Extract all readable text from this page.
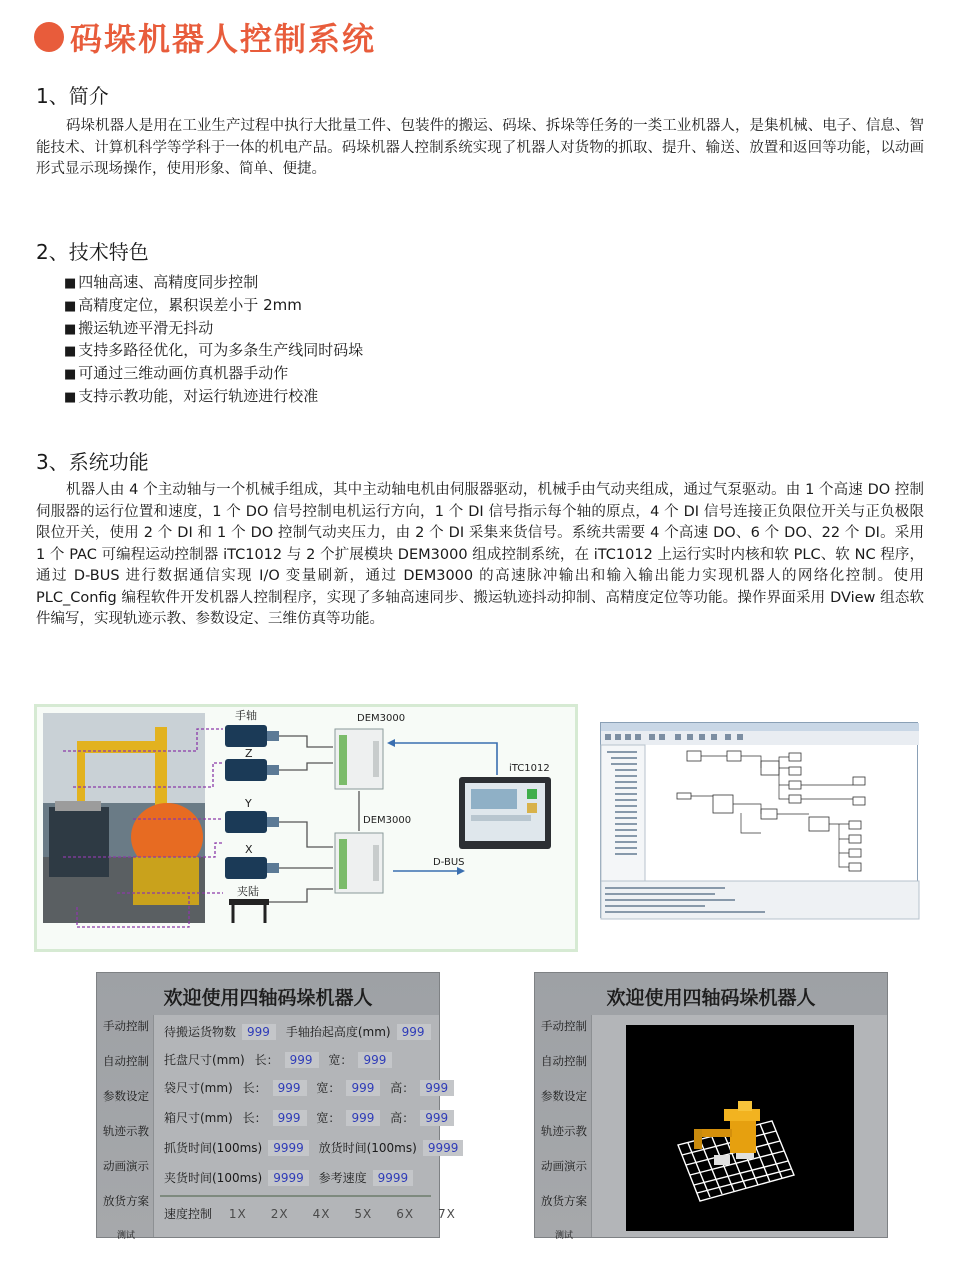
码垛机器人控制系统
1、简介

码垛机器人是用在工业生产过程中执行大批量工件、包装件的搬运、码垛、拆垛等任务的一类工业机器人，是集机械、电子、信息、智能技术、计算机科学等学科于一体的机电产品。码垛机器人控制系统实现了机器人对货物的抓取、提升、输送、放置和返回等功能，以动画形式显示现场操作，使用形象、简单、便捷。

2、技术特色
■ 四轴高速、高精度同步控制
■ 高精度定位，累积误差小于 2mm
■ 搬运轨迹平滑无抖动
■ 支持多路径优化，可为多条生产线同时码垛
■ 可通过三维动画仿真机器手动作
■ 支持示教功能，对运行轨迹进行校准
3、系统功能

机器人由 4 个主动轴与一个机械手组成，其中主动轴电机由伺服器驱动，机械手由气动夹组成，通过气泵驱动。由 1 个高速 DO 控制伺服器的运行位置和速度，1 个 DO 信号控制电机运行方向，1 个 DI 信号指示每个轴的原点，4 个 DI 信号连接正负限位开关与正负极限限位开关，使用 2 个 DI 和 1 个 DO 控制气动夹压力，由 2 个 DI 采集来货信号。系统共需要 4 个高速 DO、6 个 DO、22 个 DI。采用 1 个 PAC 可编程运动控制器 iTC1012 与 2 个扩展模块 DEM3000 组成控制系统，在 iTC1012 上运行实时内核和软 PLC、软 NC 程序，通过 D-BUS 进行数据通信实现 I/O 变量刷新，通过 DEM3000 的高速脉冲输出和输入输出能力实现机器人的网络化控制。使用 PLC_Config 编程软件开发机器人控制程序，实现了多轴高速同步、搬运轨迹抖动抑制、高精度定位等功能。操作界面采用 DView 组态软件编写，实现轨迹示教、参数设定、三维仿真等功能。

手轴
Z
Y
X
夹陆
DEM3000
DEM3000
iTC1012
D-BUS
欢迎使用四轴码垛机器人
手动控制
自动控制
参数设定
轨迹示教
动画演示
放货方案
测试
待搬运货物数 999 手轴抬起高度(mm) 999
托盘尺寸(mm) 长： 999 宽： 999
袋尺寸(mm) 长： 999 宽： 999 高： 999
箱尺寸(mm) 长： 999 宽： 999 高： 999
抓货时间(100ms) 9999 放货时间(100ms) 9999
夹货时间(100ms) 9999 参考速度 9999
速度控制 1X 2X 4X 5X 6X 7X
欢迎使用四轴码垛机器人
手动控制
自动控制
参数设定
轨迹示教
动画演示
放货方案
测试
